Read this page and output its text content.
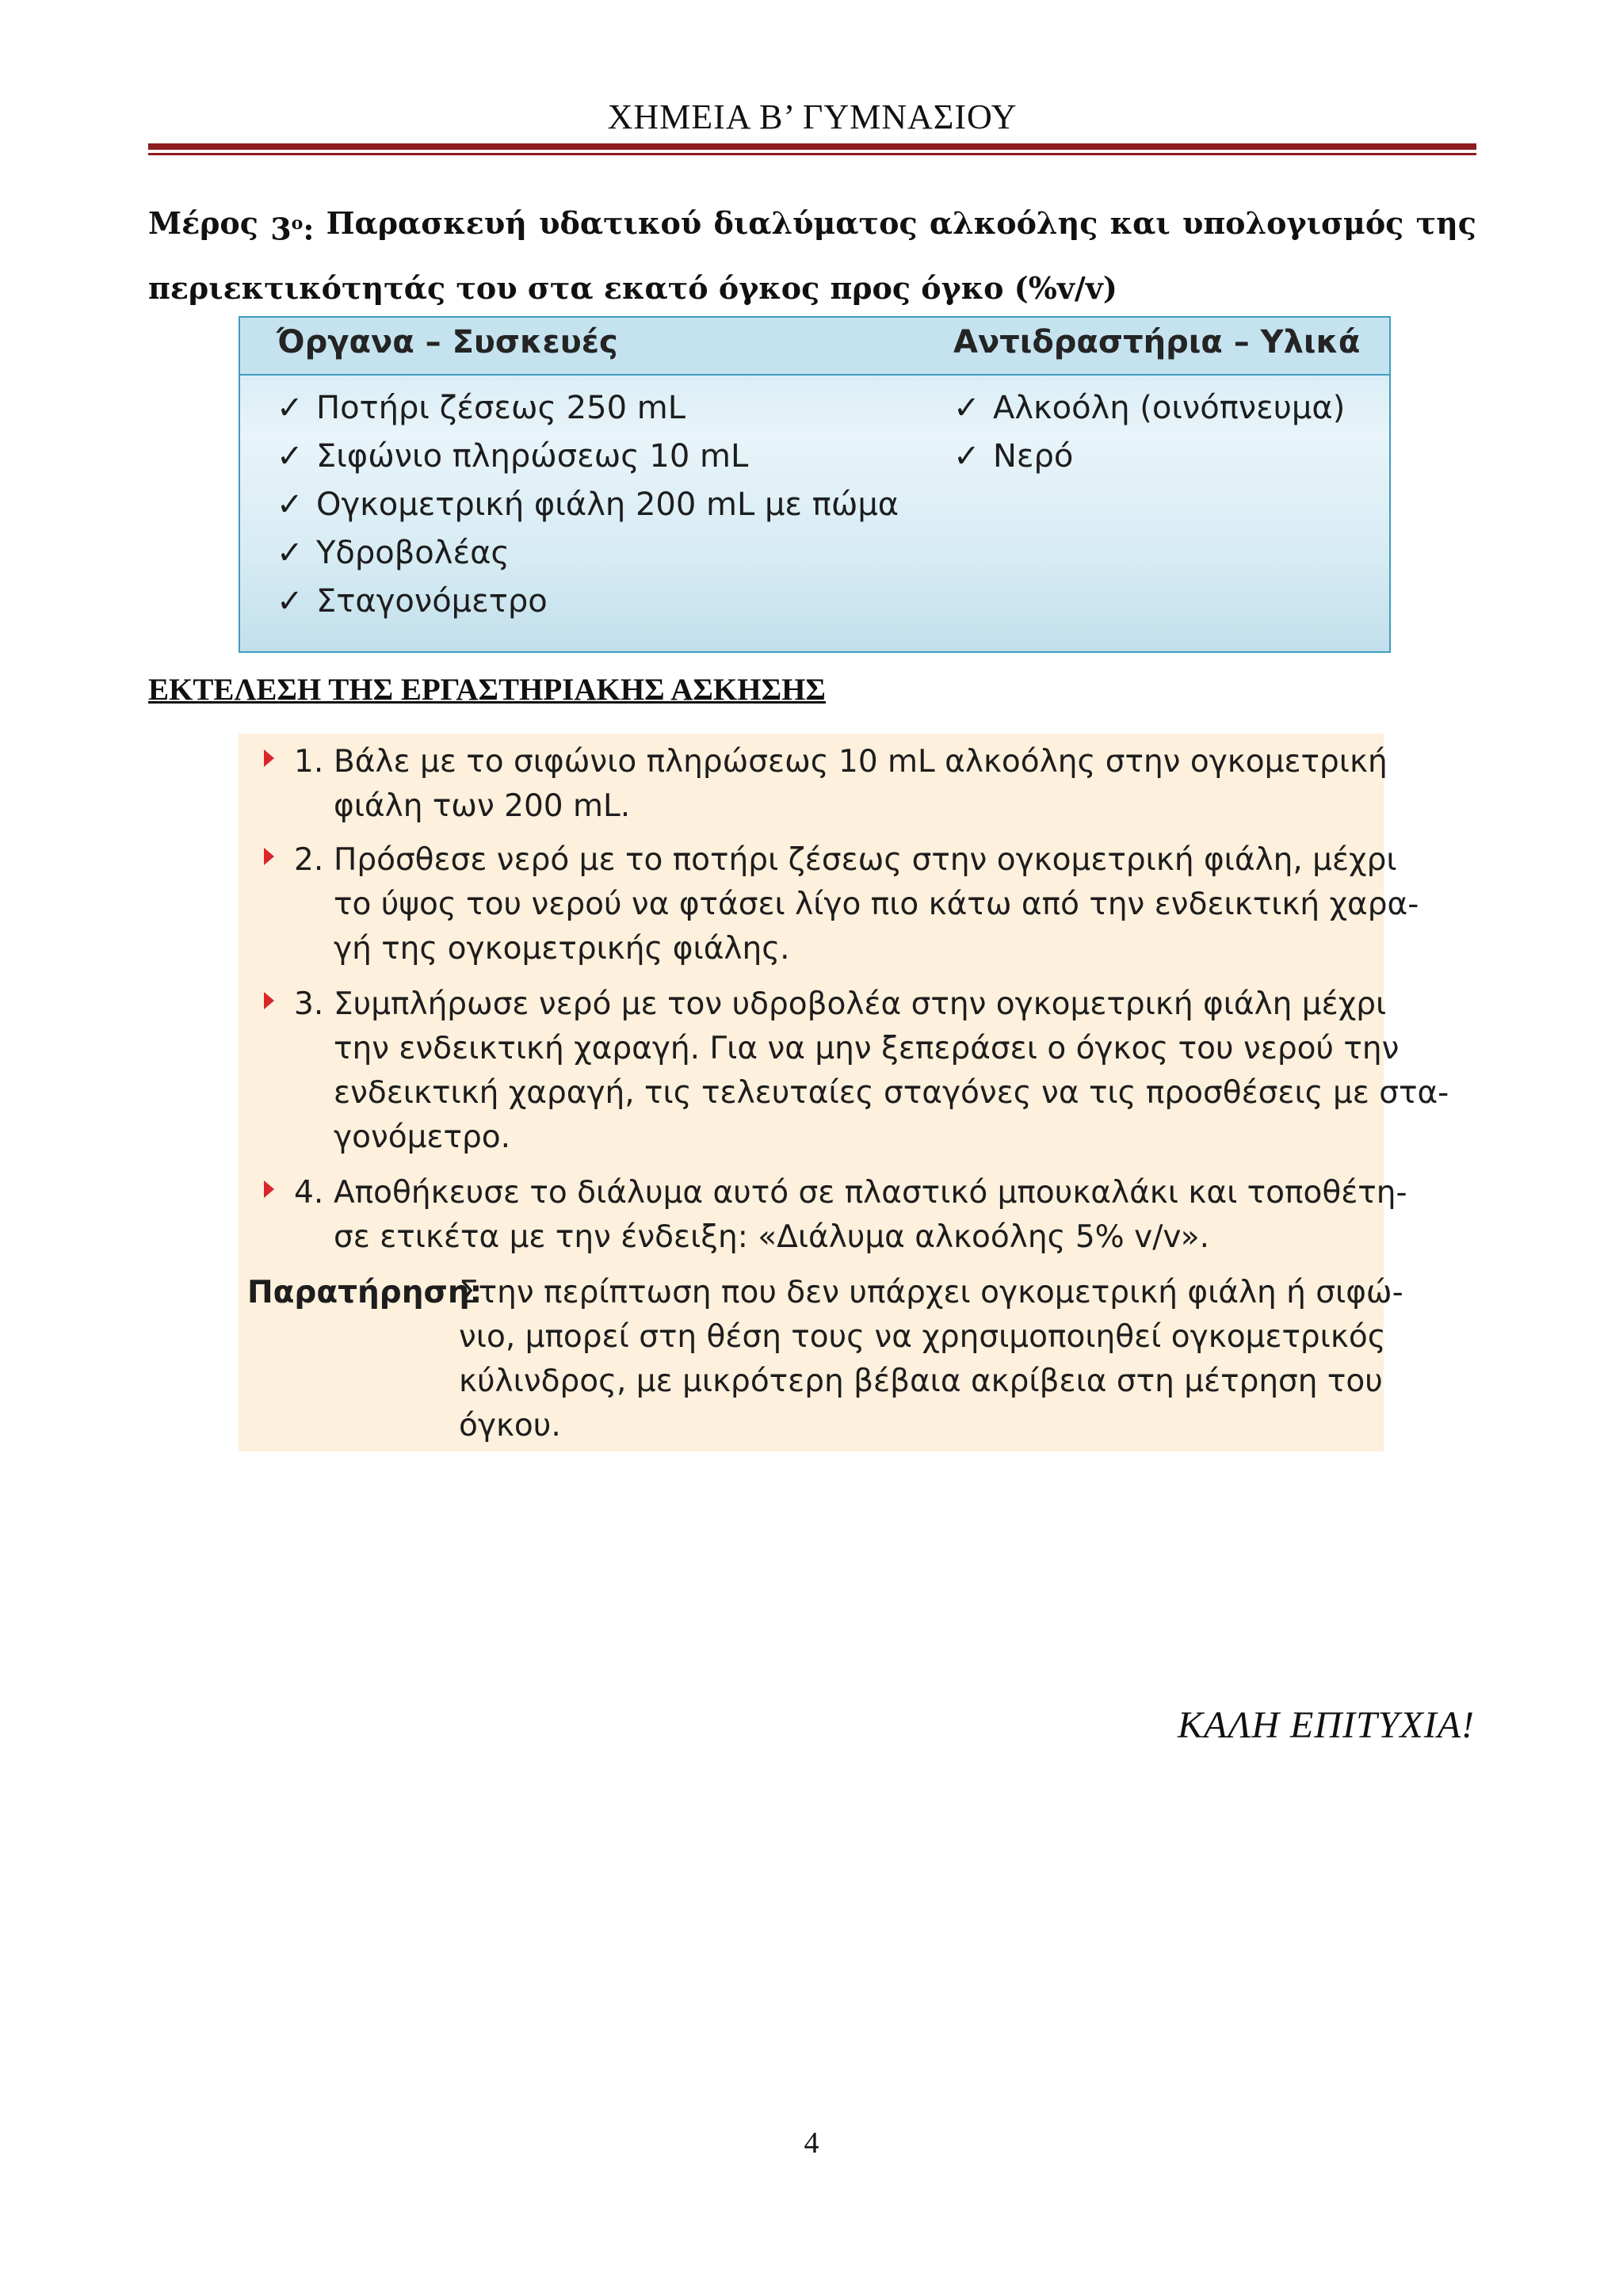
ΧΗΜΕΙΑ Β’ ΓΥΜΝΑΣΙΟΥ
Μέρος $3^o$: Παρασκευή υδατικού διαλύματος αλκοόλης και υπολογισμός της
περιεκτικότητάς του στα εκατό όγκος προς όγκο (%v/v)
Όργανα – Συσκευές	Αντιδραστήρια – Υλικά
✓ Ποτήρι ζέσεως 250 mL
✓ Σιφώνιο πληρώσεως 10 mL
✓ Ογκομετρική φιάλη 200 mL με πώμα
✓ Υδροβολέας
✓ Σταγονόμετρο
✓ Αλκοόλη (οινόπνευμα)
✓ Νερό
ΕΚΤΕΛΕΣΗ ΤΗΣ ΕΡΓΑΣΤΗΡΙΑΚΗΣ ΑΣΚΗΣΗΣ
1. Βάλε με το σιφώνιο πληρώσεως 10 mL αλκοόλης στην ογκομετρική
φιάλη των 200 mL.
2. Πρόσθεσε νερό με το ποτήρι ζέσεως στην ογκομετρική φιάλη, μέχρι
το ύψος του νερού να φτάσει λίγο πιο κάτω από την ενδεικτική χαρα-
γή της ογκομετρικής φιάλης.
3. Συμπλήρωσε νερό με τον υδροβολέα στην ογκομετρική φιάλη μέχρι
την ενδεικτική χαραγή. Για να μην ξεπεράσει ο όγκος του νερού την
ενδεικτική χαραγή, τις τελευταίες σταγόνες να τις προσθέσεις με στα-
γονόμετρο.
4. Αποθήκευσε το διάλυμα αυτό σε πλαστικό μπουκαλάκι και τοποθέτη-
σε ετικέτα με την ένδειξη: «Διάλυμα αλκοόλης 5% v/v».
Παρατήρηση:
Στην περίπτωση που δεν υπάρχει ογκομετρική φιάλη ή σιφώ-
νιο, μπορεί στη θέση τους να χρησιμοποιηθεί ογκομετρικός
κύλινδρος, με μικρότερη βέβαια ακρίβεια στη μέτρηση του
όγκου.
ΚΑΛΗ ΕΠΙΤΥΧΙΑ!
4
